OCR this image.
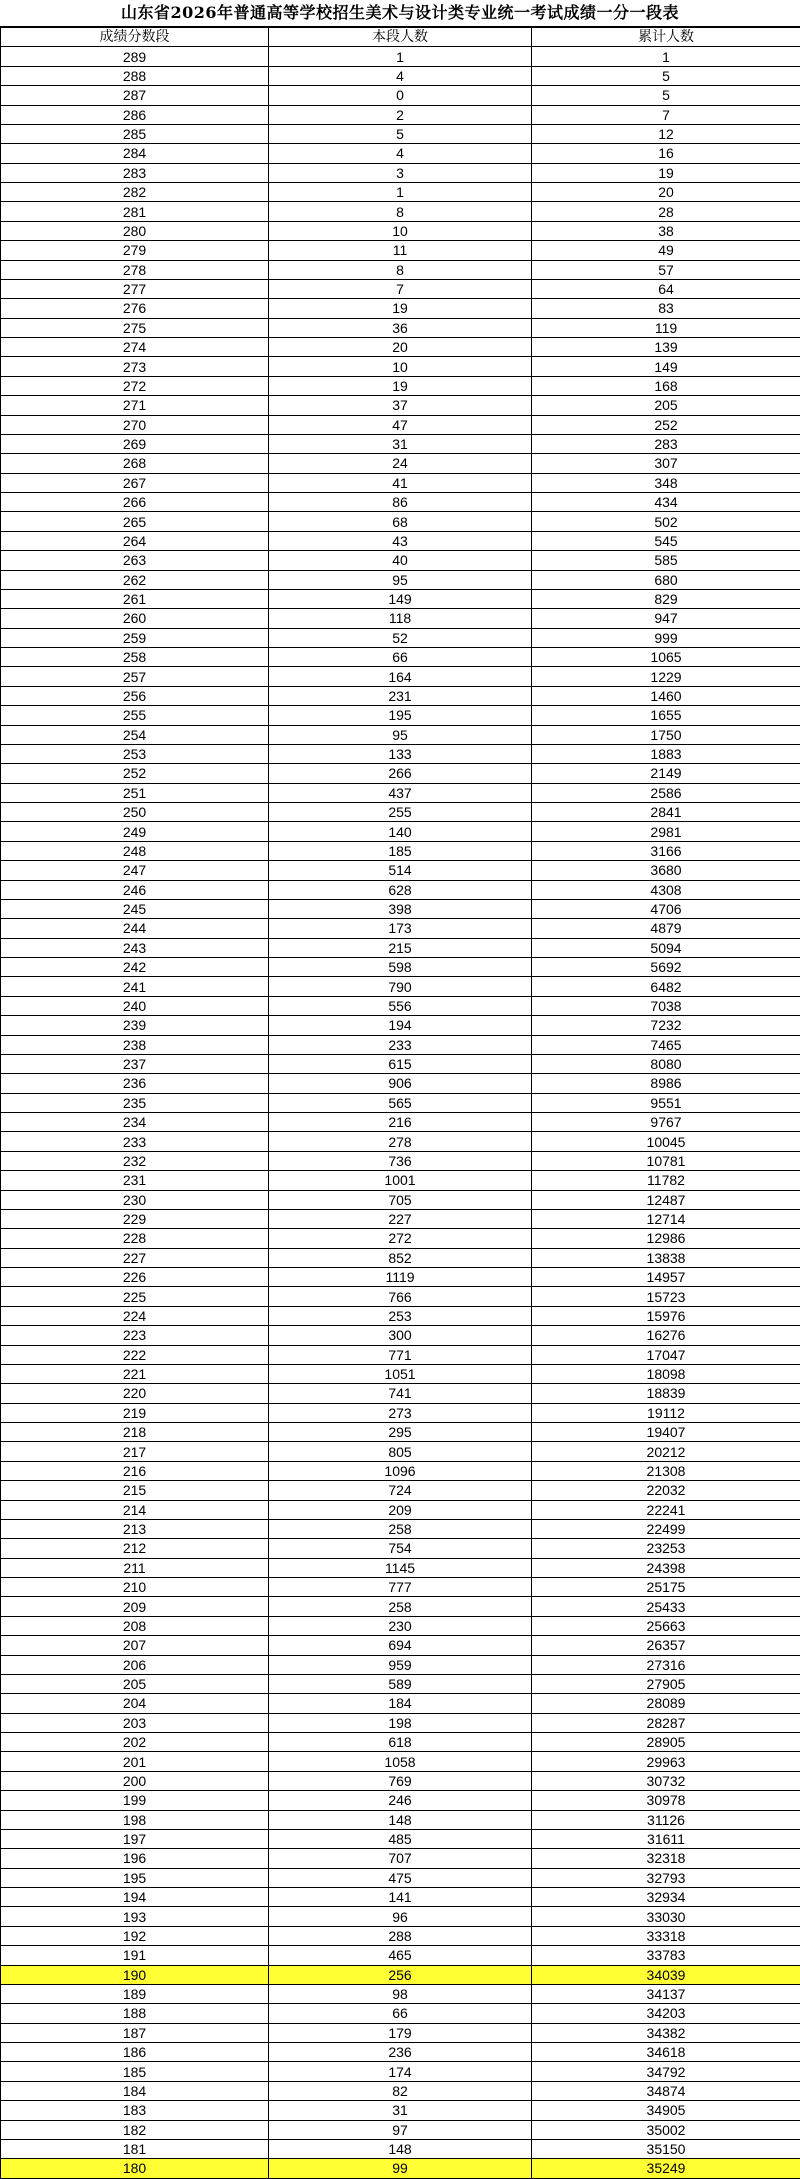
山东省2026年普通高等学校招生美术与设计类专业统一考试成绩一分一段表
成绩分数段	本段人数	累计人数
289	1	1
288	4	5
287	0	5
286	2	7
285	5	12
284	4	16
283	3	19
282	1	20
281	8	28
280	10	38
279	11	49
278	8	57
277	7	64
276	19	83
275	36	119
274	20	139
273	10	149
272	19	168
271	37	205
270	47	252
269	31	283
268	24	307
267	41	348
266	86	434
265	68	502
264	43	545
263	40	585
262	95	680
261	149	829
260	118	947
259	52	999
258	66	1065
257	164	1229
256	231	1460
255	195	1655
254	95	1750
253	133	1883
252	266	2149
251	437	2586
250	255	2841
249	140	2981
248	185	3166
247	514	3680
246	628	4308
245	398	4706
244	173	4879
243	215	5094
242	598	5692
241	790	6482
240	556	7038
239	194	7232
238	233	7465
237	615	8080
236	906	8986
235	565	9551
234	216	9767
233	278	10045
232	736	10781
231	1001	11782
230	705	12487
229	227	12714
228	272	12986
227	852	13838
226	1119	14957
225	766	15723
224	253	15976
223	300	16276
222	771	17047
221	1051	18098
220	741	18839
219	273	19112
218	295	19407
217	805	20212
216	1096	21308
215	724	22032
214	209	22241
213	258	22499
212	754	23253
211	1145	24398
210	777	25175
209	258	25433
208	230	25663
207	694	26357
206	959	27316
205	589	27905
204	184	28089
203	198	28287
202	618	28905
201	1058	29963
200	769	30732
199	246	30978
198	148	31126
197	485	31611
196	707	32318
195	475	32793
194	141	32934
193	96	33030
192	288	33318
191	465	33783
190	256	34039
189	98	34137
188	66	34203
187	179	34382
186	236	34618
185	174	34792
184	82	34874
183	31	34905
182	97	35002
181	148	35150
180	99	35249
